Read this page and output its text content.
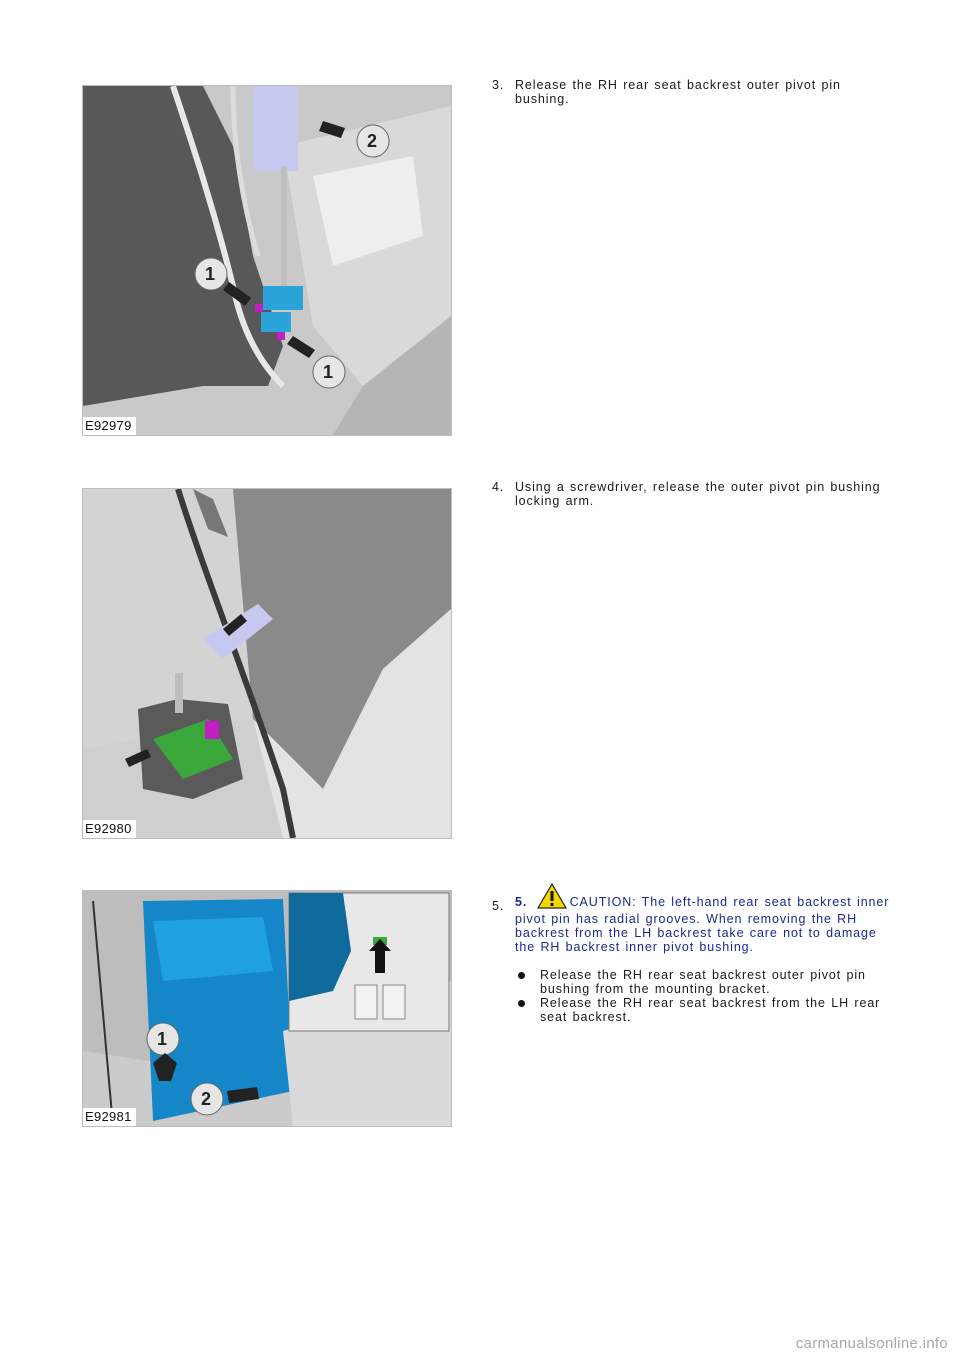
2
1
1
E92979
3. Release the RH rear seat backrest outer pivot pin bushing.
E92980
4. Using a screwdriver, release the outer pivot pin bushing locking arm.
1
2
E92981
5. 5.	CAUTION: The left-hand rear seat backrest inner pivot pin has radial grooves. When removing the RH backrest from the LH backrest take care not to damage the RH backrest inner pivot bushing.
Release the RH rear seat backrest outer pivot pin bushing from the mounting bracket.
Release the RH rear seat backrest from the LH rear seat backrest.
carmanualsonline.info
